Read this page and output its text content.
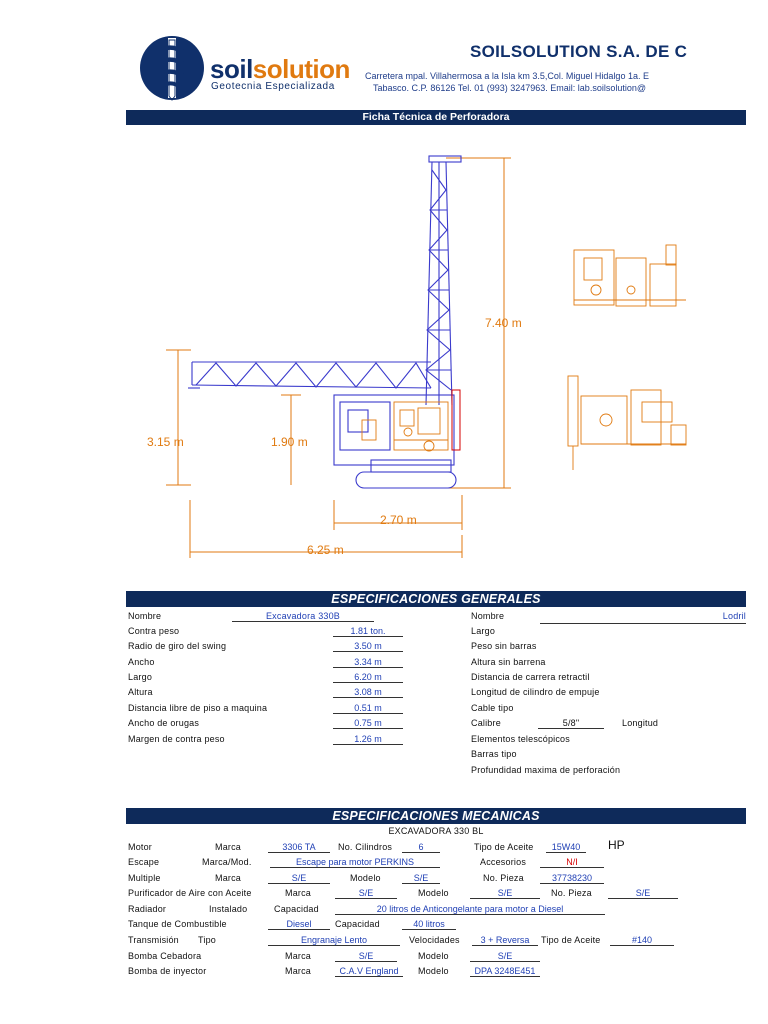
soilsolution
Geotecnia Especializada
SOILSOLUTION S.A. DE C
Carretera mpal. Villahermosa a la Isla km 3.5,Col. Miguel Hidalgo 1a. E
Tabasco. C.P. 86126 Tel. 01 (993) 3247963. Email: lab.soilsolution@
Ficha Técnica de Perforadora
7.40 m
3.15 m	1.90 m
2.70 m
6.25 m
ESPECIFICACIONES GENERALES
Nombre	Excavadora 330B
Contra peso	1.81 ton.
Radio de giro del swing	3.50 m
Ancho	3.34 m
Largo	6.20 m
Altura	3.08 m
Distancia libre de piso a maquina	0.51 m
Ancho de orugas	0.75 m
Margen de contra peso	1.26 m
Nombre	Lodril
Largo
Peso sin barras
Altura sin barrena
Distancia de carrera retractil
Longitud de cilindro de empuje
Cable tipo
Calibre	5/8"	Longitud
Elementos telescópicos
Barras tipo
Profundidad maxima de perforación
ESPECIFICACIONES MECANICAS
EXCAVADORA 330 BL
Motor	Marca	3306 TA	No. Cilindros	6	Tipo de Aceite	15W40	HP
Escape	Marca/Mod.	Escape para motor PERKINS	Accesorios	N/I
Multiple	Marca	S/E	Modelo	S/E	No. Pieza	37738230
Purificador de Aire con Aceite	Marca	S/E	Modelo	S/E	No. Pieza	S/E
Radiador	Instalado	Capacidad	20 litros de Anticongelante para motor a Diesel
Tanque de Combustible	Diesel	Capacidad	40 litros
Transmisión Tipo	Engranaje Lento	Velocidades	3 + Reversa	Tipo de Aceite	#140
Bomba Cebadora	Marca	S/E	Modelo	S/E
Bomba de inyector	Marca	C.A.V England	Modelo	DPA 3248E451
